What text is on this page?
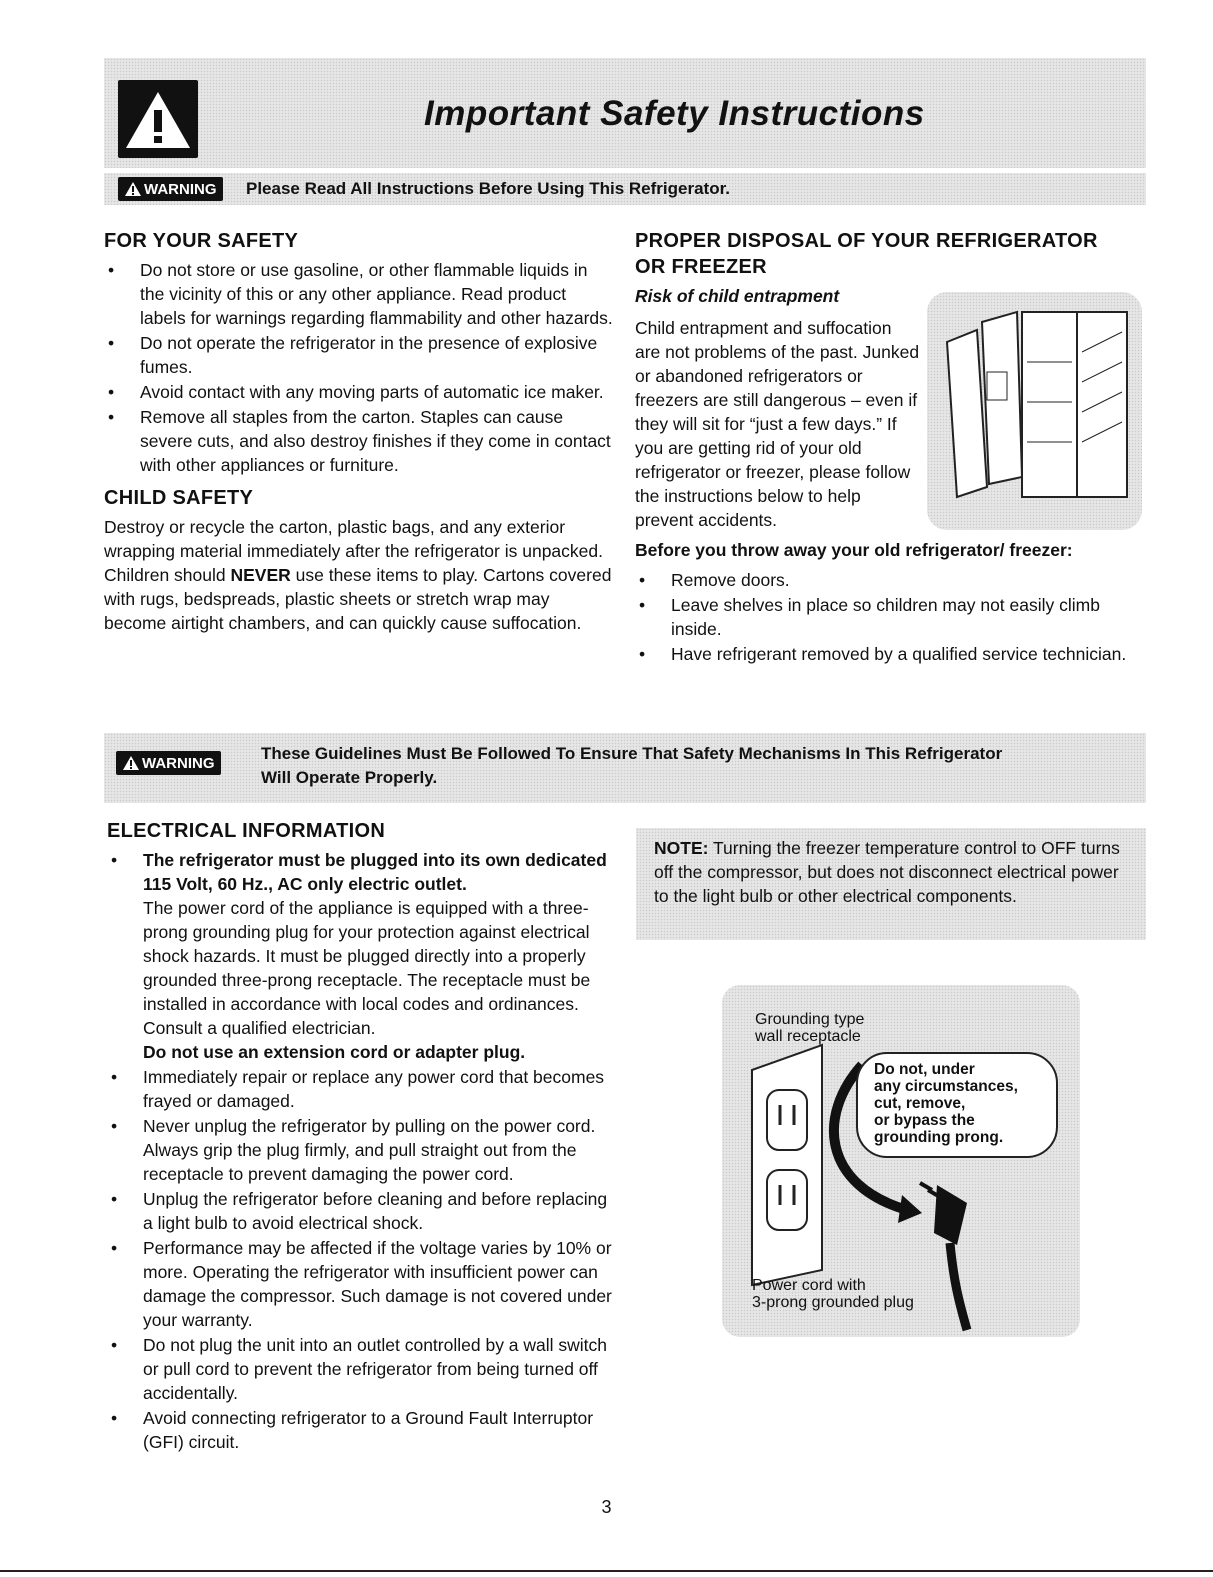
Important Safety Instructions
WARNING Please Read All Instructions Before Using This Refrigerator.
FOR YOUR SAFETY
• Do not store or use gasoline, or other flammable liquids in the vicinity of this or any other appliance. Read product labels for warnings regarding flammability and other hazards.
• Do not operate the refrigerator in the presence of explosive fumes.
• Avoid contact with any moving parts of automatic ice maker.
• Remove all staples from the carton. Staples can cause severe cuts, and also destroy finishes if they come in contact with other appliances or furniture.
CHILD SAFETY

Destroy or recycle the carton, plastic bags, and any exterior wrapping material immediately after the refrigerator is unpacked. Children should NEVER use these items to play. Cartons covered with rugs, bedspreads, plastic sheets or stretch wrap may become airtight chambers, and can quickly cause suffocation.

PROPER DISPOSAL OF YOUR REFRIGERATOR
OR FREEZER
Risk of child entrapment

Child entrapment and suffocation are not problems of the past. Junked or abandoned refrigerators or freezers are still dangerous – even if they will sit for “just a few days.” If you are getting rid of your old refrigerator or freezer, please follow the instructions below to help prevent accidents.

Before you throw away your old refrigerator/ freezer:
• Remove doors.
• Leave shelves in place so children may not easily climb inside.
• Have refrigerant removed by a qualified service technician.
WARNING	These Guidelines Must Be Followed To Ensure That Safety Mechanisms In This Refrigerator
Will Operate Properly.
ELECTRICAL INFORMATION
• The refrigerator must be plugged into its own dedicated 115 Volt, 60 Hz., AC only electric outlet.
The power cord of the appliance is equipped with a three-prong grounding plug for your protection against electrical shock hazards. It must be plugged directly into a properly grounded three-prong receptacle. The receptacle must be installed in accordance with local codes and ordinances. Consult a qualified electrician.
Do not use an extension cord or adapter plug.
• Immediately repair or replace any power cord that becomes frayed or damaged.
• Never unplug the refrigerator by pulling on the power cord. Always grip the plug firmly, and pull straight out from the receptacle to prevent damaging the power cord.
• Unplug the refrigerator before cleaning and before replacing a light bulb to avoid electrical shock.
• Performance may be affected if the voltage varies by 10% or more. Operating the refrigerator with insufficient power can damage the compressor. Such damage is not covered under your warranty.
• Do not plug the unit into an outlet controlled by a wall switch or pull cord to prevent the refrigerator from being turned off accidentally.
• Avoid connecting refrigerator to a Ground Fault Interruptor (GFI) circuit.

NOTE: Turning the freezer temperature control to OFF turns off the compressor, but does not disconnect electrical power to the light bulb or other electrical components.

Grounding type
wall receptacle
Do not, under
any circumstances,
cut, remove,
or bypass the
grounding prong.
Power cord with
3-prong grounded plug
3
